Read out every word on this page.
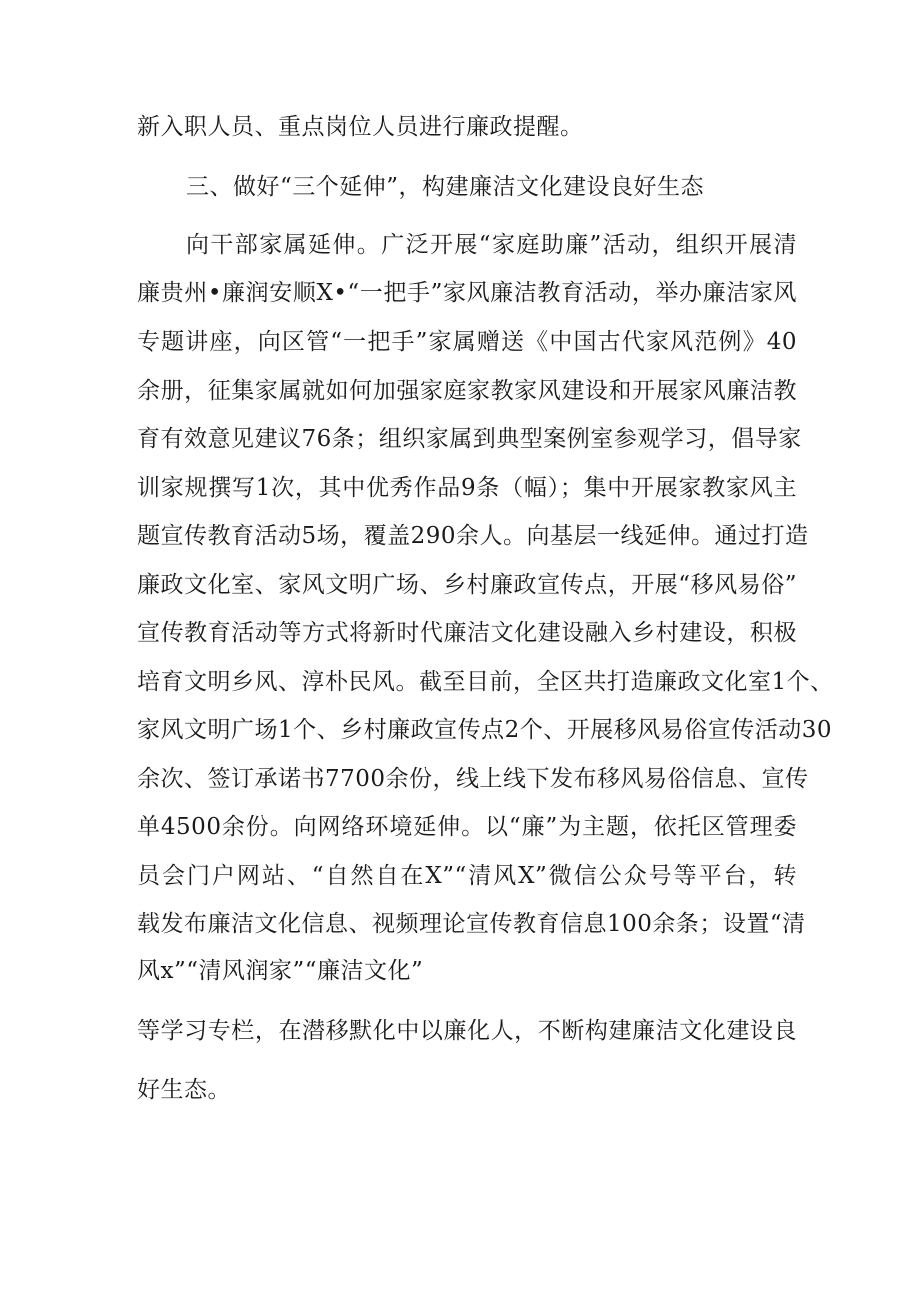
新入职人员、重点岗位人员进行廉政提醒。
三、做好“三个延伸”，构建廉洁文化建设良好生态
向干部家属延伸。广泛开展“家庭助廉”活动，组织开展清
廉贵州•廉润安顺X•“一把手”家风廉洁教育活动，举办廉洁家风
专题讲座，向区管“一把手”家属赠送《中国古代家风范例》40
余册，征集家属就如何加强家庭家教家风建设和开展家风廉洁教
育有效意见建议76条；组织家属到典型案例室参观学习，倡导家
训家规撰写1次，其中优秀作品9条（幅）；集中开展家教家风主
题宣传教育活动5场，覆盖290余人。向基层一线延伸。通过打造
廉政文化室、家风文明广场、乡村廉政宣传点，开展“移风易俗”
宣传教育活动等方式将新时代廉洁文化建设融入乡村建设，积极
培育文明乡风、淳朴民风。截至目前，全区共打造廉政文化室1个、
家风文明广场1个、乡村廉政宣传点2个、开展移风易俗宣传活动30
余次、签订承诺书7700余份，线上线下发布移风易俗信息、宣传
单4500余份。向网络环境延伸。以“廉”为主题，依托区管理委
员会门户网站、“自然自在X”“清风X”微信公众号等平台，转
载发布廉洁文化信息、视频理论宣传教育信息100余条；设置“清
风x”“清风润家”“廉洁文化”
等学习专栏，在潜移默化中以廉化人，不断构建廉洁文化建设良
好生态。
